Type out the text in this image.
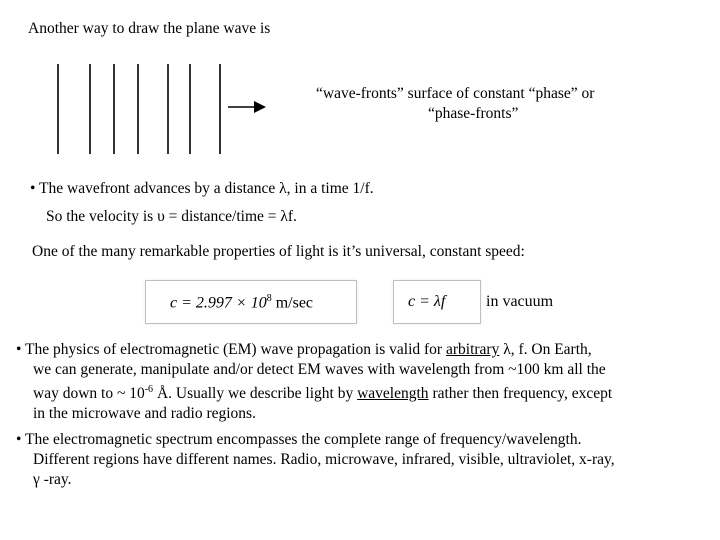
Another way to draw the plane wave is
“wave-fronts” surface of constant “phase” or
“phase-fronts”
• The wavefront advances by a distance λ, in a time 1/f.
So the velocity is υ = distance/time = λf.
One of the many remarkable properties of light is it’s universal, constant speed:
$c = 2.997 \times 10^8$ m/sec	c = λf	in vacuum

• The physics of electromagnetic (EM) wave propagation is valid for arbitrary λ, f. On Earth,

we can generate, manipulate and/or detect EM waves with wavelength from ~100 km all the

way down to ~ $10^{-6}$ Å. Usually we describe light by wavelength rather then frequency, except

in the microwave and radio regions.

• The electromagnetic spectrum encompasses the complete range of frequency/wavelength.

Different regions have different names. Radio, microwave, infrared, visible, ultraviolet, x-ray,

γ -ray.
